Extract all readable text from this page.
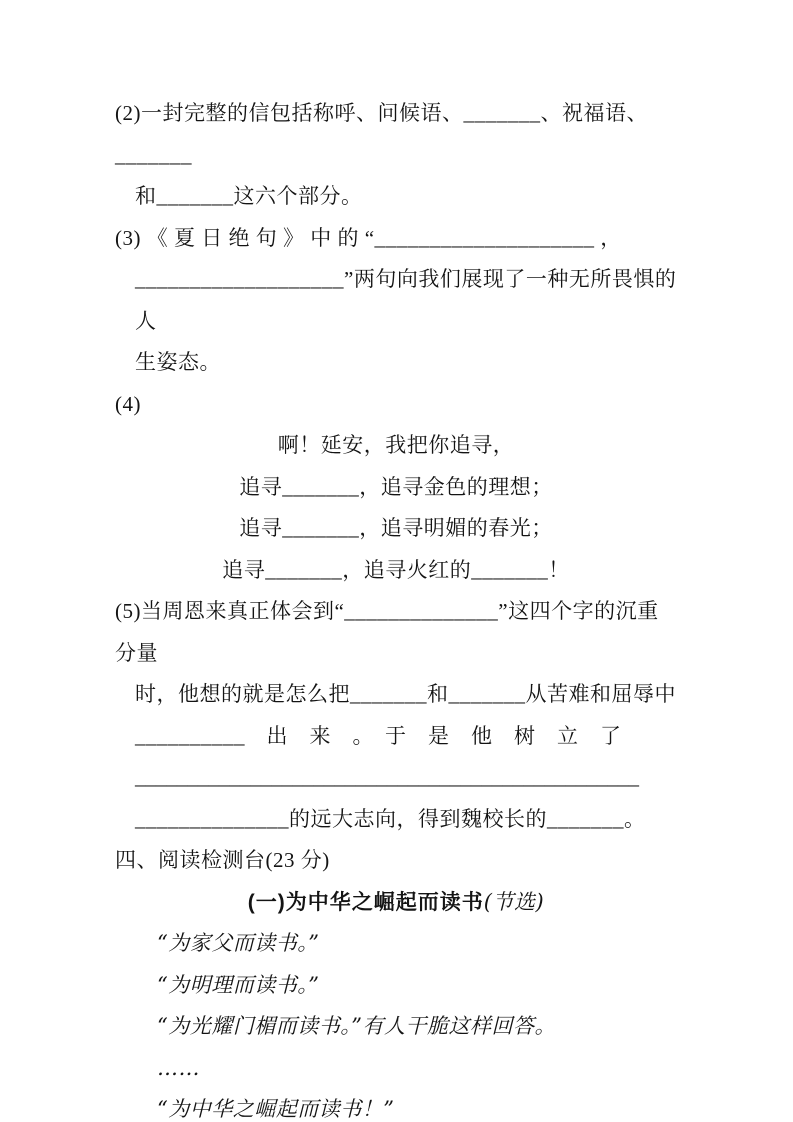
(2)一封完整的信包括称呼、问候语、_______、祝福语、_______

和_______这六个部分。

(3) 《 夏 日 绝 句 》 中 的 “____________________ ，

___________________”两句向我们展现了一种无所畏惧的人

生姿态。

(4)

啊！延安，我把你追寻，

追寻_______，追寻金色的理想；

追寻_______，追寻明媚的春光；

追寻_______，追寻火红的_______！

(5)当周恩来真正体会到“______________”这四个字的沉重分量

时，他想的就是怎么把_______和_______从苦难和屈辱中

__________　出　来　。　于　是　他　树　立　了

________________________________________________

______________的远大志向，得到魏校长的_______。

四、阅读检测台(23 分)

(一)为中华之崛起而读书(节选)

“为家父而读书。”

“为明理而读书。”

“为光耀门楣而读书。”有人干脆这样回答。

……

“为中华之崛起而读书！”
